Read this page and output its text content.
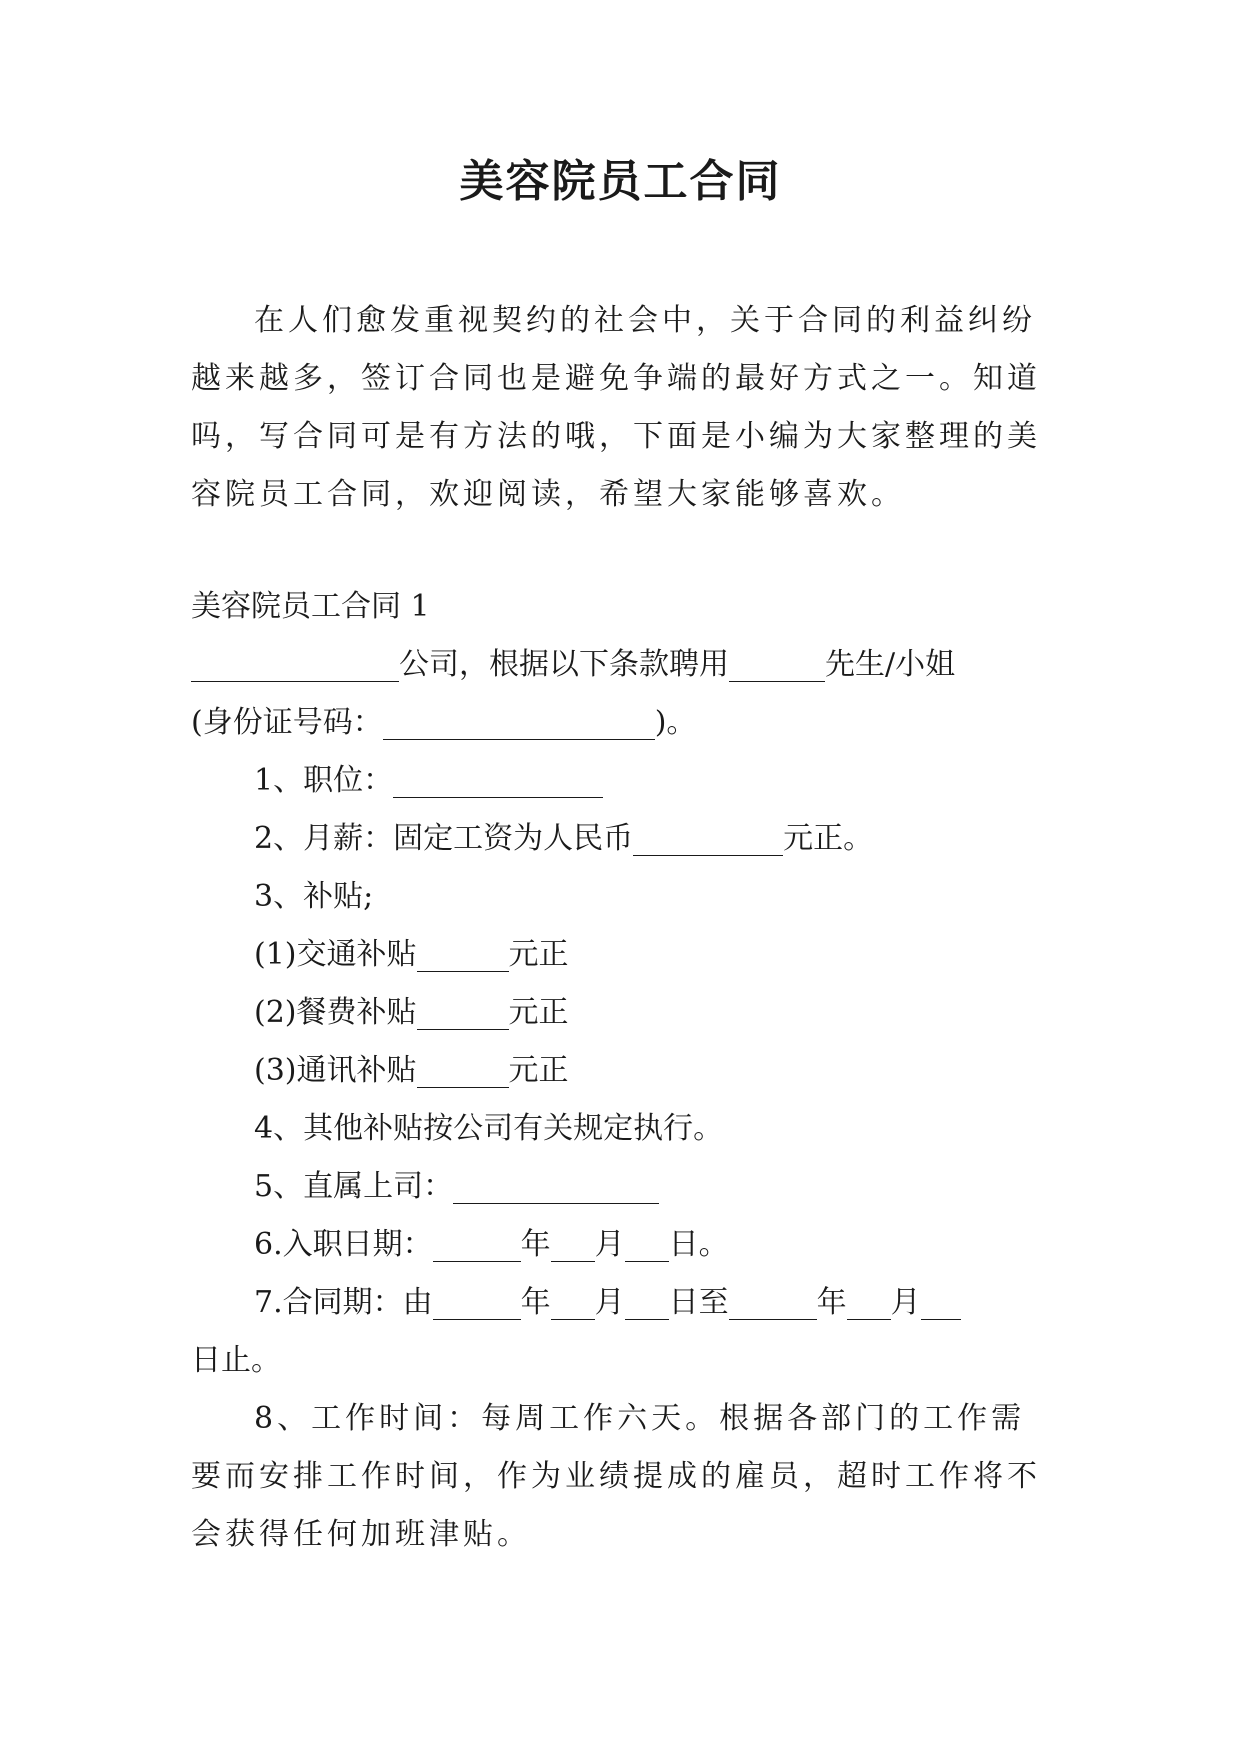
美容院员工合同

在人们愈发重视契约的社会中，关于合同的利益纠纷越来越多，签订合同也是避免争端的最好方式之一。知道吗，写合同可是有方法的哦，下面是小编为大家整理的美容院员工合同，欢迎阅读，希望大家能够喜欢。

美容院员工合同 1

公司，根据以下条款聘用	先生/小姐

(身份证号码：	)。

1、职位：

2、月薪：固定工资为人民币	元正。

3、补贴;

(1)交通补贴	元正

(2)餐费补贴	元正

(3)通讯补贴	元正

4、其他补贴按公司有关规定执行。

5、直属上司：

6.入职日期：	年 月 日。

7.合同期：由	年 月 日至	年 月

日止。

8、工作时间：每周工作六天。根据各部门的工作需要而安排工作时间，作为业绩提成的雇员，超时工作将不会获得任何加班津贴。
